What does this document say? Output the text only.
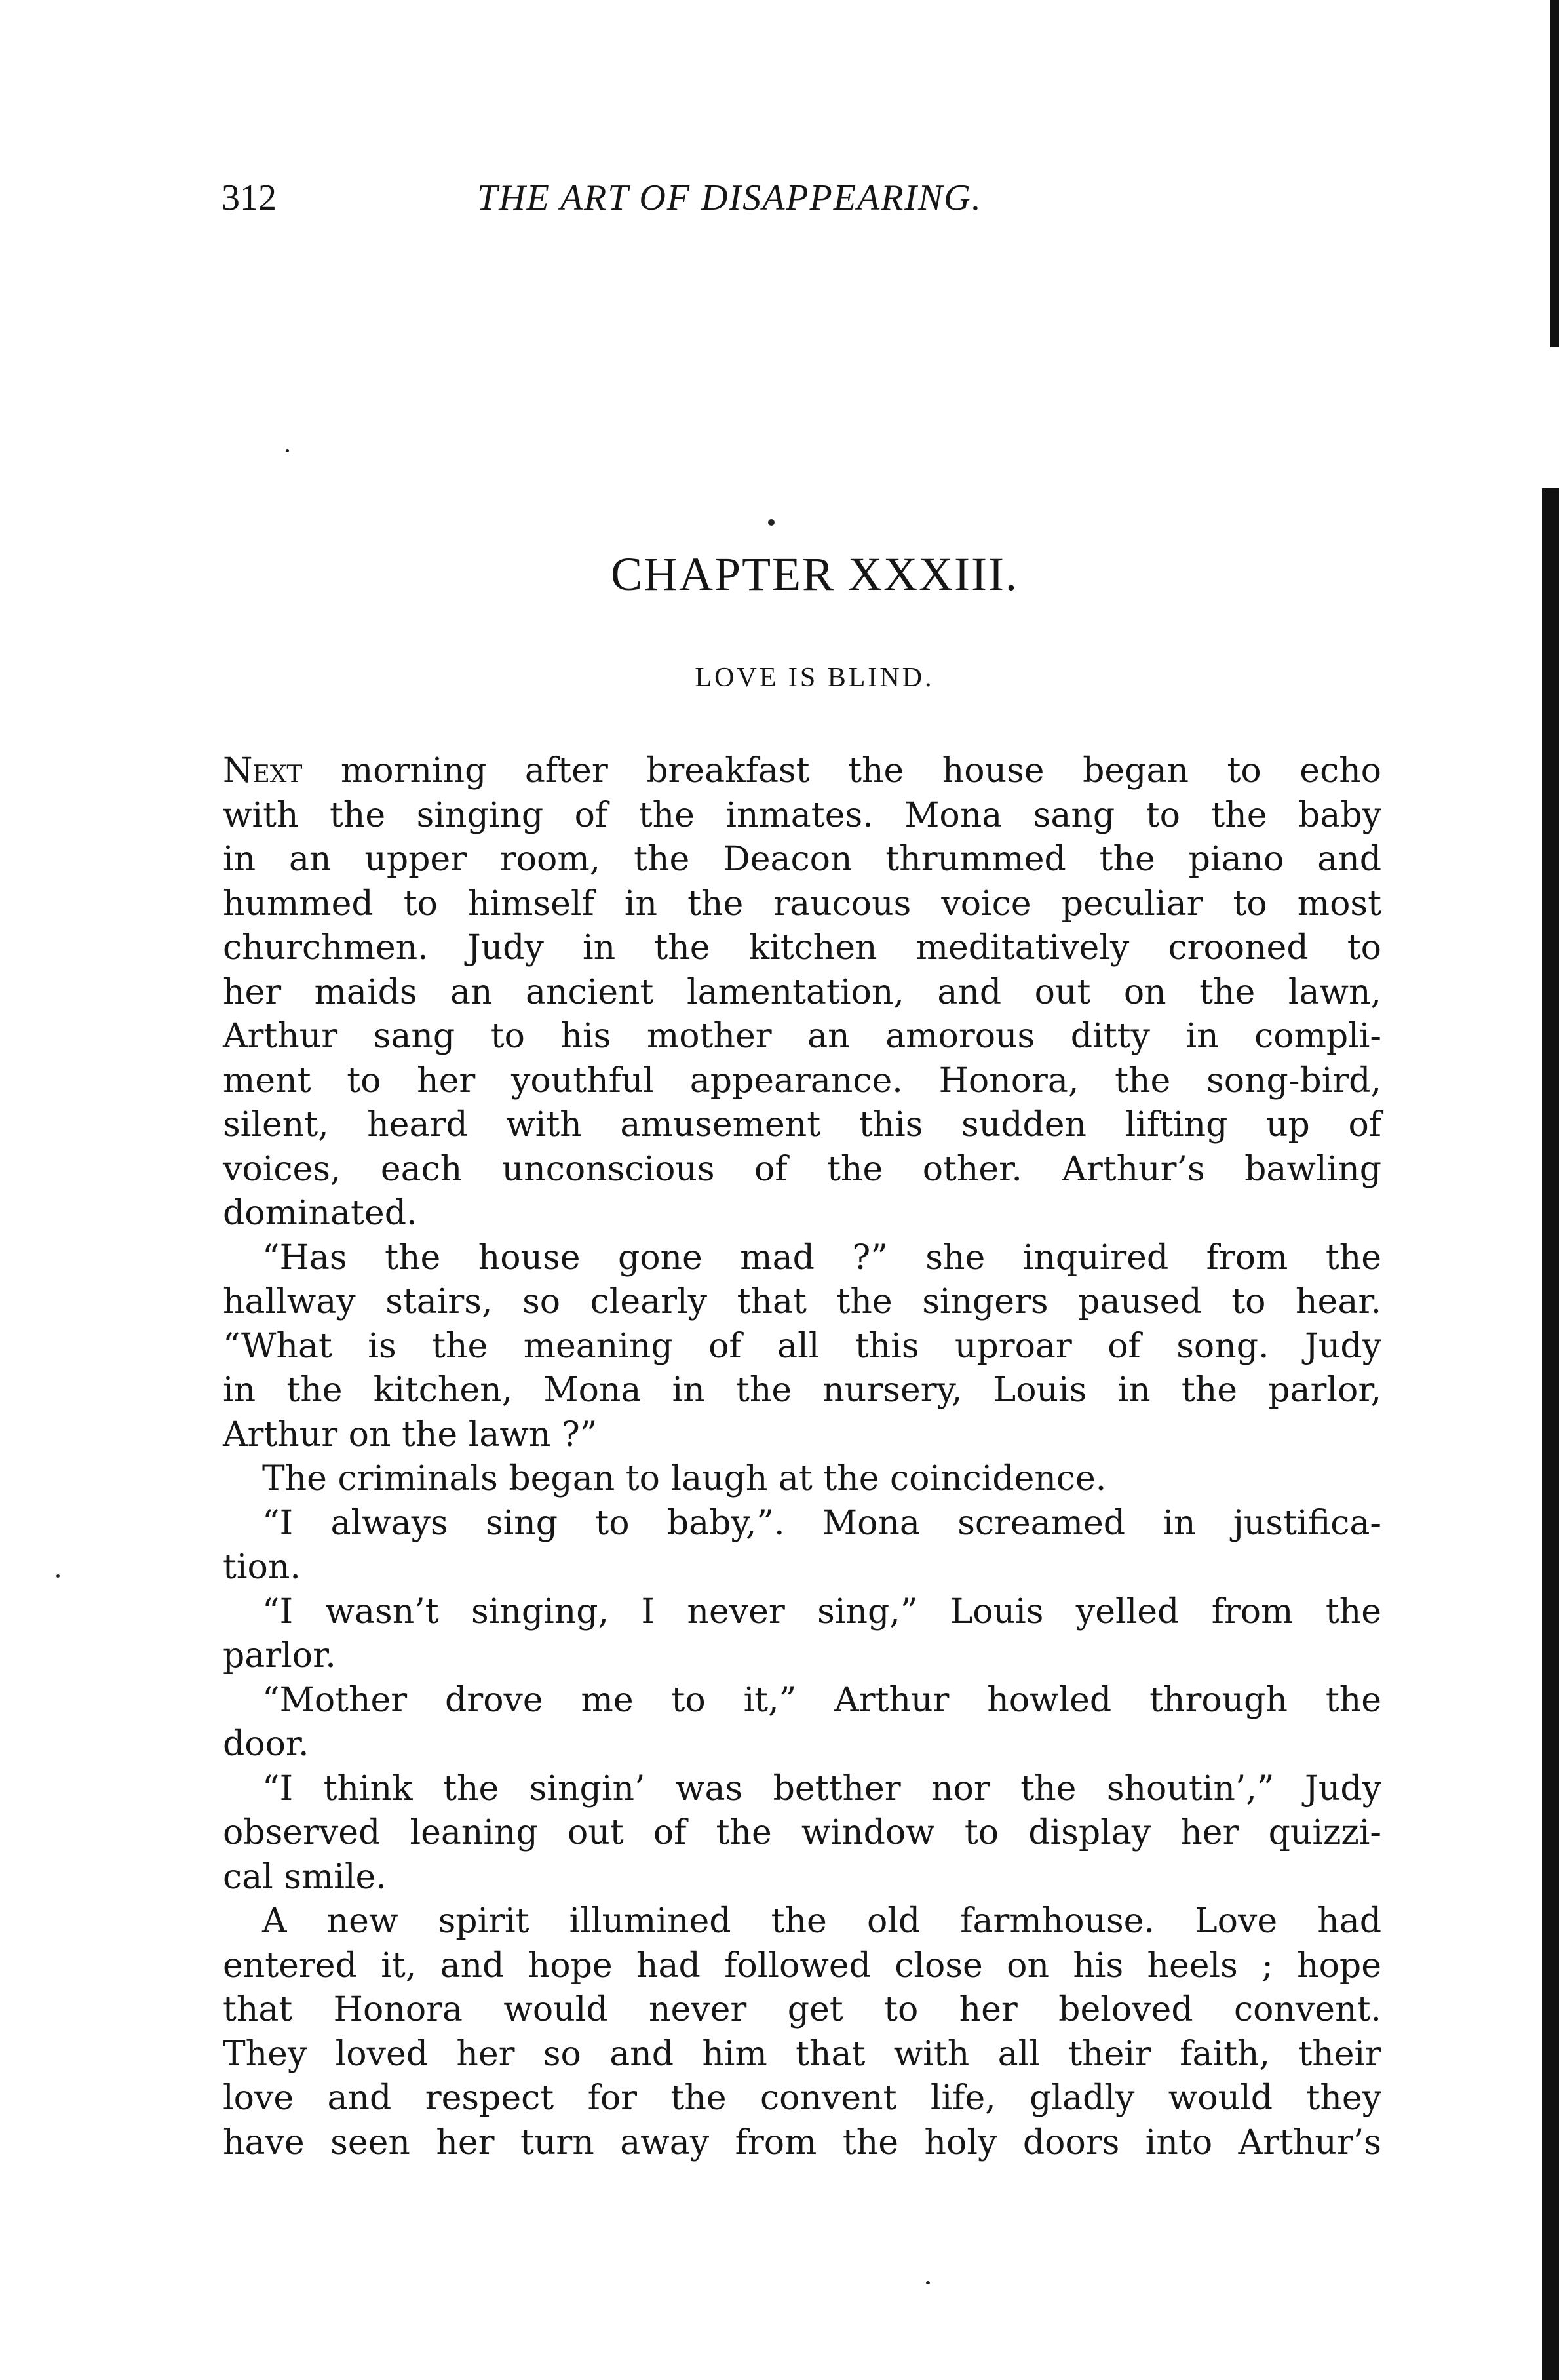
312	THE ART OF DISAPPEARING.
CHAPTER XXXIII.
LOVE IS BLIND.
Next morning after breakfast the house began to echo
with the singing of the inmates. Mona sang to the baby
in an upper room, the Deacon thrummed the piano and
hummed to himself in the raucous voice peculiar to most
churchmen. Judy in the kitchen meditatively crooned to
her maids an ancient lamentation, and out on the lawn,
Arthur sang to his mother an amorous ditty in compli-
ment to her youthful appearance. Honora, the song-bird,
silent, heard with amusement this sudden lifting up of
voices, each unconscious of the other. Arthur’s bawling
dominated.
“Has the house gone mad ?” she inquired from the
hallway stairs, so clearly that the singers paused to hear.
“What is the meaning of all this uproar of song. Judy
in the kitchen, Mona in the nursery, Louis in the parlor,
Arthur on the lawn ?”
The criminals began to laugh at the coincidence.
“I always sing to baby,”. Mona screamed in justifica-
tion.
“I wasn’t singing, I never sing,” Louis yelled from the
parlor.
“Mother drove me to it,” Arthur howled through the
door.
“I think the singin’ was betther nor the shoutin’,” Judy
observed leaning out of the window to display her quizzi-
cal smile.
A new spirit illumined the old farmhouse. Love had
entered it, and hope had followed close on his heels ; hope
that Honora would never get to her beloved convent.
They loved her so and him that with all their faith, their
love and respect for the convent life, gladly would they
have seen her turn away from the holy doors into Arthur’s
